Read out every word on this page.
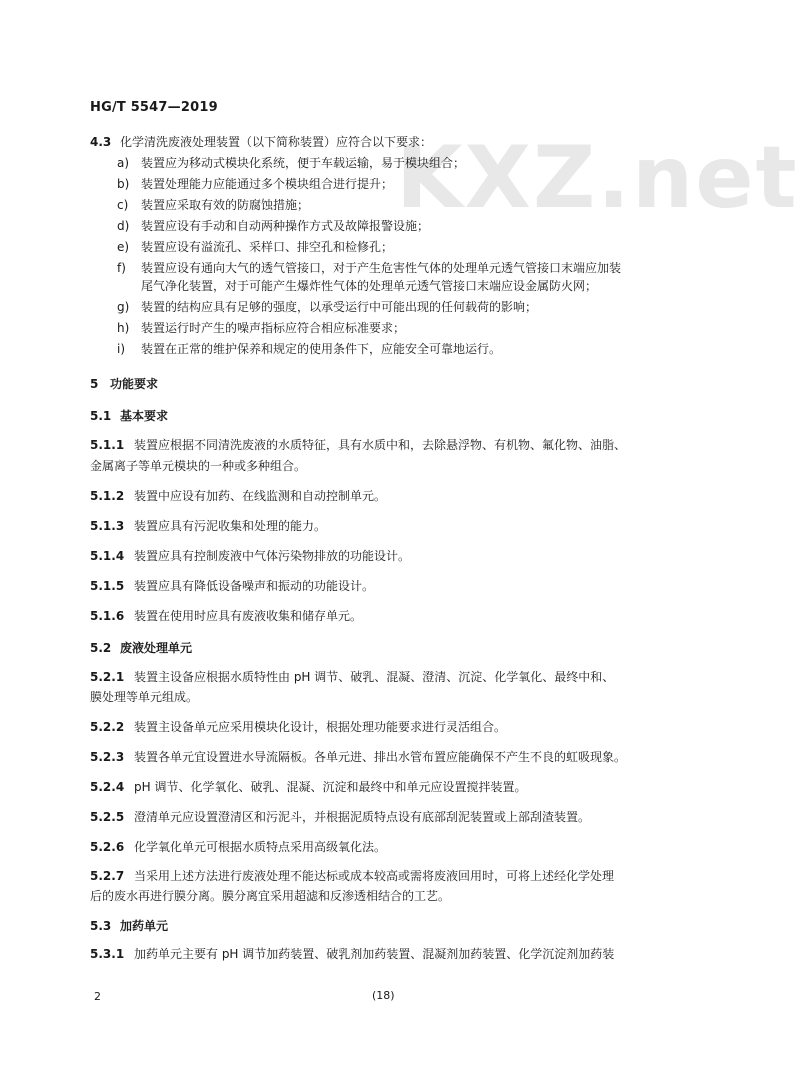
KXZ.net
HG/T 5547—2019
4.3 化学清洗废液处理装置（以下简称装置）应符合以下要求：
a) 装置应为移动式模块化系统，便于车载运输，易于模块组合；
b) 装置处理能力应能通过多个模块组合进行提升；
c)	装置应采取有效的防腐蚀措施；
d) 装置应设有手动和自动两种操作方式及故障报警设施；
e) 装置应设有溢流孔、采样口、排空孔和检修孔；
f)	装置应设有通向大气的透气管接口，对于产生危害性气体的处理单元透气管接口末端应加装
尾气净化装置，对于可能产生爆炸性气体的处理单元透气管接口末端应设金属防火网；
g) 装置的结构应具有足够的强度，以承受运行中可能出现的任何载荷的影响；
h) 装置运行时产生的噪声指标应符合相应标准要求；
i)	装置在正常的维护保养和规定的使用条件下，应能安全可靠地运行。
5 功能要求
5.1 基本要求
5.1.1 装置应根据不同清洗废液的水质特征，具有水质中和，去除悬浮物、有机物、氟化物、油脂、
金属离子等单元模块的一种或多种组合。
5.1.2 装置中应设有加药、在线监测和自动控制单元。
5.1.3 装置应具有污泥收集和处理的能力。
5.1.4 装置应具有控制废液中气体污染物排放的功能设计。
5.1.5 装置应具有降低设备噪声和振动的功能设计。
5.1.6 装置在使用时应具有废液收集和储存单元。
5.2 废液处理单元
5.2.1 装置主设备应根据水质特性由 pH 调节、破乳、混凝、澄清、沉淀、化学氧化、最终中和、
膜处理等单元组成。
5.2.2 装置主设备单元应采用模块化设计，根据处理功能要求进行灵活组合。
5.2.3 装置各单元宜设置进水导流隔板。各单元进、排出水管布置应能确保不产生不良的虹吸现象。
5.2.4 pH 调节、化学氧化、破乳、混凝、沉淀和最终中和单元应设置搅拌装置。
5.2.5 澄清单元应设置澄清区和污泥斗，并根据泥质特点设有底部刮泥装置或上部刮渣装置。
5.2.6 化学氧化单元可根据水质特点采用高级氧化法。
5.2.7 当采用上述方法进行废液处理不能达标或成本较高或需将废液回用时，可将上述经化学处理
后的废水再进行膜分离。膜分离宜采用超滤和反渗透相结合的工艺。
5.3 加药单元
5.3.1 加药单元主要有 pH 调节加药装置、破乳剂加药装置、混凝剂加药装置、化学沉淀剂加药装
2	(18)
